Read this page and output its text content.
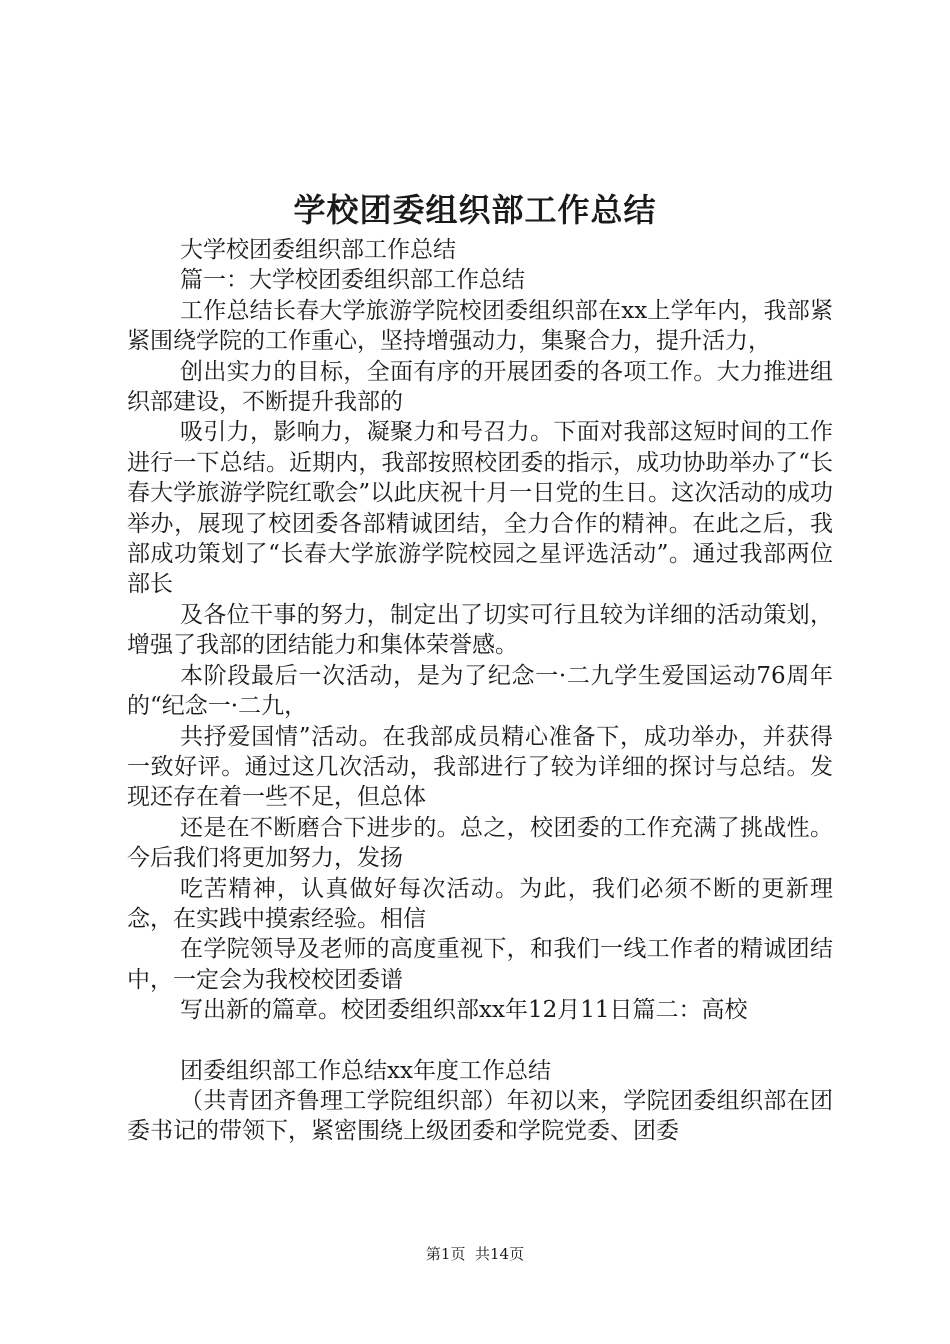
学校团委组织部工作总结

大学校团委组织部工作总结

篇一：大学校团委组织部工作总结

工作总结长春大学旅游学院校团委组织部在xx上学年内，我部紧紧围绕学院的工作重心，坚持增强动力，集聚合力，提升活力，

创出实力的目标，全面有序的开展团委的各项工作。大力推进组织部建设，不断提升我部的

吸引力，影响力，凝聚力和号召力。下面对我部这短时间的工作进行一下总结。近期内，我部按照校团委的指示，成功协助举办了“长春大学旅游学院红歌会”以此庆祝十月一日党的生日。这次活动的成功举办，展现了校团委各部精诚团结，全力合作的精神。在此之后，我部成功策划了“长春大学旅游学院校园之星评选活动”。通过我部两位部长

及各位干事的努力，制定出了切实可行且较为详细的活动策划，增强了我部的团结能力和集体荣誉感。

本阶段最后一次活动，是为了纪念一·二九学生爱国运动76周年的“纪念一·二九，

共抒爱国情”活动。在我部成员精心准备下，成功举办，并获得一致好评。通过这几次活动，我部进行了较为详细的探讨与总结。发现还存在着一些不足，但总体

还是在不断磨合下进步的。总之，校团委的工作充满了挑战性。今后我们将更加努力，发扬

吃苦精神，认真做好每次活动。为此，我们必须不断的更新理念，在实践中摸索经验。相信

在学院领导及老师的高度重视下，和我们一线工作者的精诚团结中，一定会为我校校团委谱

写出新的篇章。校团委组织部xx年12月11日篇二：高校

团委组织部工作总结xx年度工作总结

（共青团齐鲁理工学院组织部）年初以来，学院团委组织部在团委书记的带领下，紧密围绕上级团委和学院党委、团委

第1页  共14页
